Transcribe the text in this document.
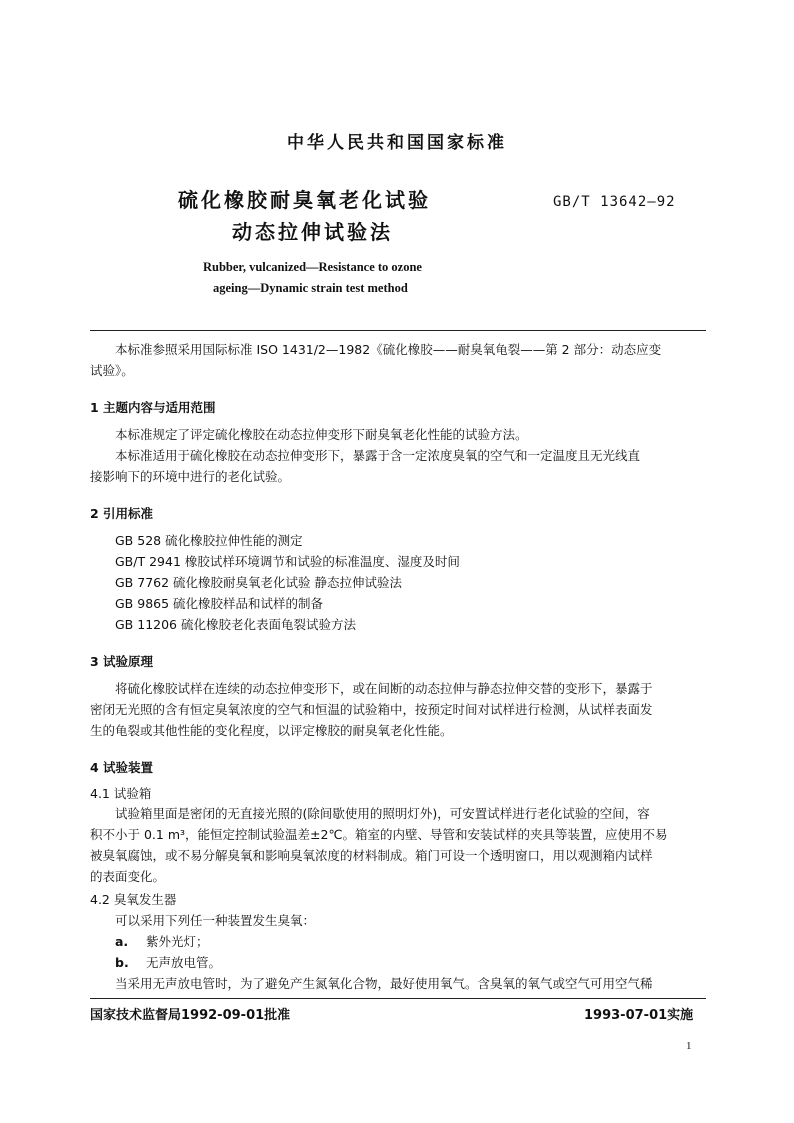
中华人民共和国国家标准
硫化橡胶耐臭氧老化试验
动态拉伸试验法
GB/T 13642—92
Rubber, vulcanized—Resistance to ozone
ageing—Dynamic strain test method
本标准参照采用国际标准 ISO 1431/2—1982《硫化橡胶——耐臭氧龟裂——第 2 部分：动态应变
试验》。
1 主题内容与适用范围
本标准规定了评定硫化橡胶在动态拉伸变形下耐臭氧老化性能的试验方法。
本标准适用于硫化橡胶在动态拉伸变形下，暴露于含一定浓度臭氧的空气和一定温度且无光线直
接影响下的环境中进行的老化试验。
2 引用标准
GB 528 硫化橡胶拉伸性能的测定
GB/T 2941 橡胶试样环境调节和试验的标准温度、湿度及时间
GB 7762 硫化橡胶耐臭氧老化试验 静态拉伸试验法
GB 9865 硫化橡胶样品和试样的制备
GB 11206 硫化橡胶老化表面龟裂试验方法
3 试验原理
将硫化橡胶试样在连续的动态拉伸变形下，或在间断的动态拉伸与静态拉伸交替的变形下，暴露于
密闭无光照的含有恒定臭氧浓度的空气和恒温的试验箱中，按预定时间对试样进行检测，从试样表面发
生的龟裂或其他性能的变化程度，以评定橡胶的耐臭氧老化性能。
4 试验装置
4.1 试验箱
试验箱里面是密闭的无直接光照的(除间歇使用的照明灯外)，可安置试样进行老化试验的空间，容
积不小于 0.1 m³，能恒定控制试验温差±2℃。箱室的内壁、导管和安装试样的夹具等装置，应使用不易
被臭氧腐蚀，或不易分解臭氧和影响臭氧浓度的材料制成。箱门可设一个透明窗口，用以观测箱内试样
的表面变化。
4.2 臭氧发生器
可以采用下列任一种装置发生臭氧：
a. 紫外光灯；
b. 无声放电管。
当采用无声放电管时，为了避免产生氮氧化合物，最好使用氧气。含臭氧的氧气或空气可用空气稀
国家技术监督局1992-09-01批准	1993-07-01实施
1
